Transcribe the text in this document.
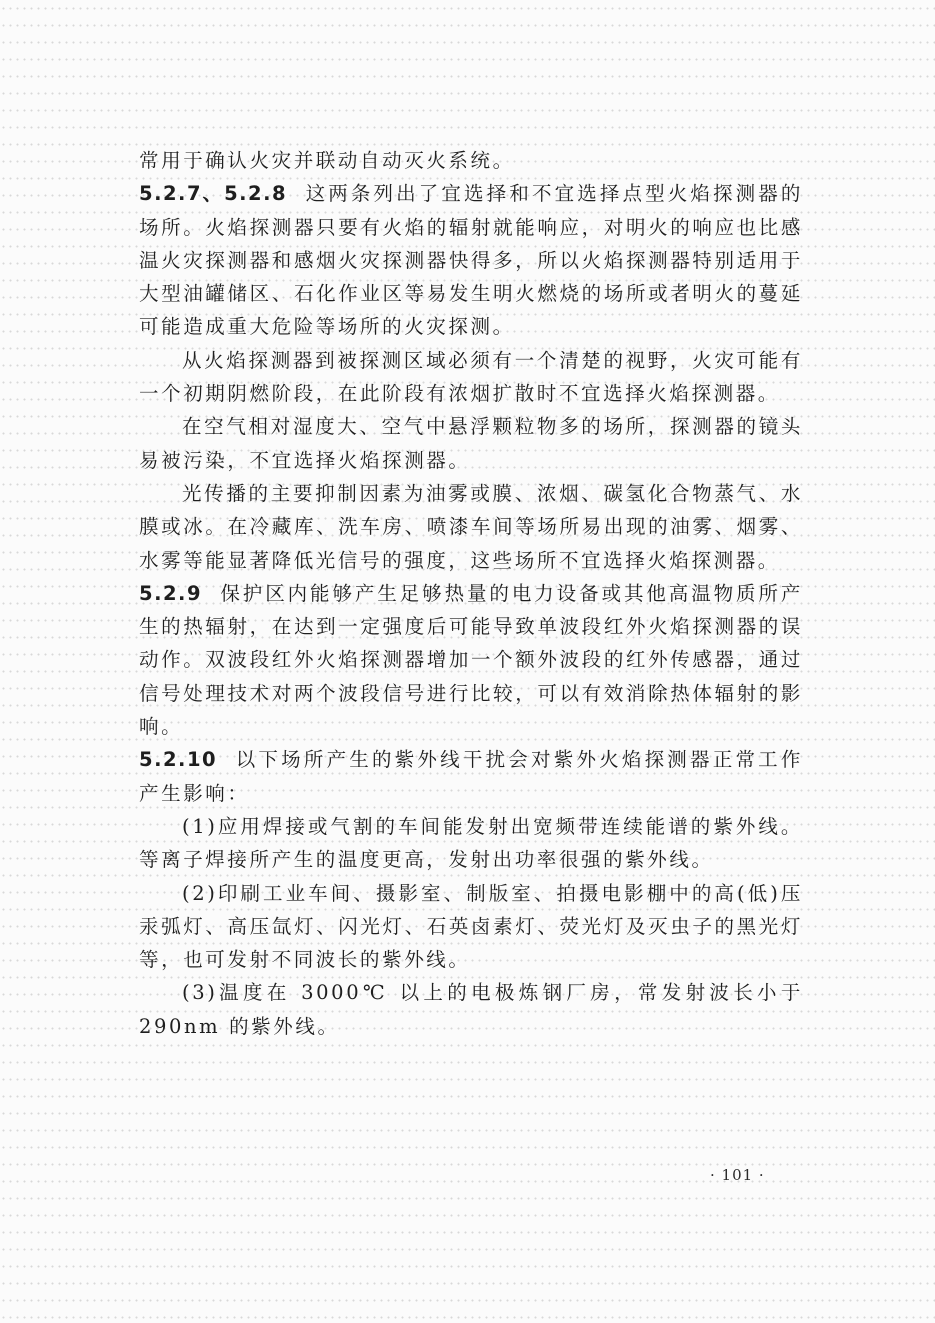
常用于确认火灾并联动自动灭火系统。

5.2.7、5.2.8 这两条列出了宜选择和不宜选择点型火焰探测器的场所。火焰探测器只要有火焰的辐射就能响应，对明火的响应也比感温火灾探测器和感烟火灾探测器快得多，所以火焰探测器特别适用于大型油罐储区、石化作业区等易发生明火燃烧的场所或者明火的蔓延可能造成重大危险等场所的火灾探测。

从火焰探测器到被探测区域必须有一个清楚的视野，火灾可能有一个初期阴燃阶段，在此阶段有浓烟扩散时不宜选择火焰探测器。

在空气相对湿度大、空气中悬浮颗粒物多的场所，探测器的镜头易被污染，不宜选择火焰探测器。

光传播的主要抑制因素为油雾或膜、浓烟、碳氢化合物蒸气、水膜或冰。在冷藏库、洗车房、喷漆车间等场所易出现的油雾、烟雾、水雾等能显著降低光信号的强度，这些场所不宜选择火焰探测器。

5.2.9 保护区内能够产生足够热量的电力设备或其他高温物质所产生的热辐射，在达到一定强度后可能导致单波段红外火焰探测器的误动作。双波段红外火焰探测器增加一个额外波段的红外传感器，通过信号处理技术对两个波段信号进行比较，可以有效消除热体辐射的影响。

5.2.10 以下场所产生的紫外线干扰会对紫外火焰探测器正常工作产生影响：

(1)应用焊接或气割的车间能发射出宽频带连续能谱的紫外线。等离子焊接所产生的温度更高，发射出功率很强的紫外线。

(2)印刷工业车间、摄影室、制版室、拍摄电影棚中的高(低)压汞弧灯、高压氙灯、闪光灯、石英卤素灯、荧光灯及灭虫子的黑光灯等，也可发射不同波长的紫外线。

(3)温度在 3000℃ 以上的电极炼钢厂房，常发射波长小于 290nm 的紫外线。

· 101 ·
